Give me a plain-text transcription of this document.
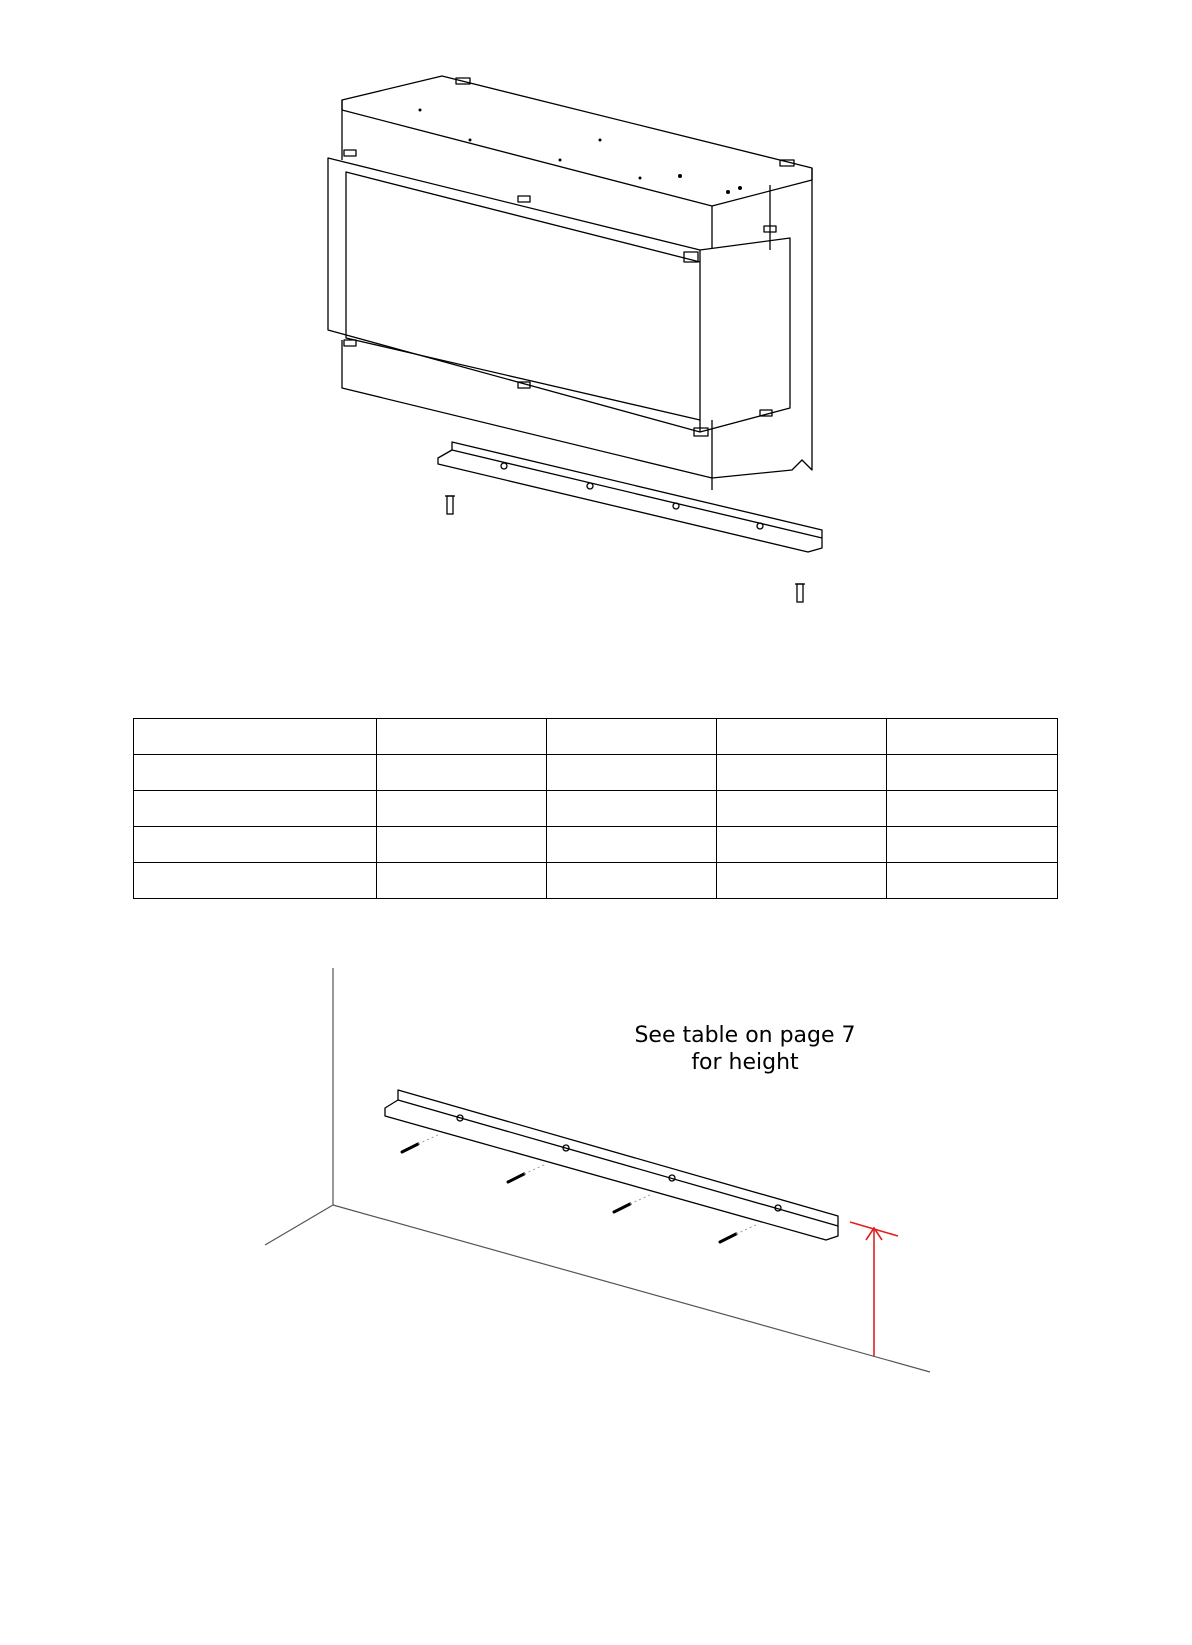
See table on page 7
for height
